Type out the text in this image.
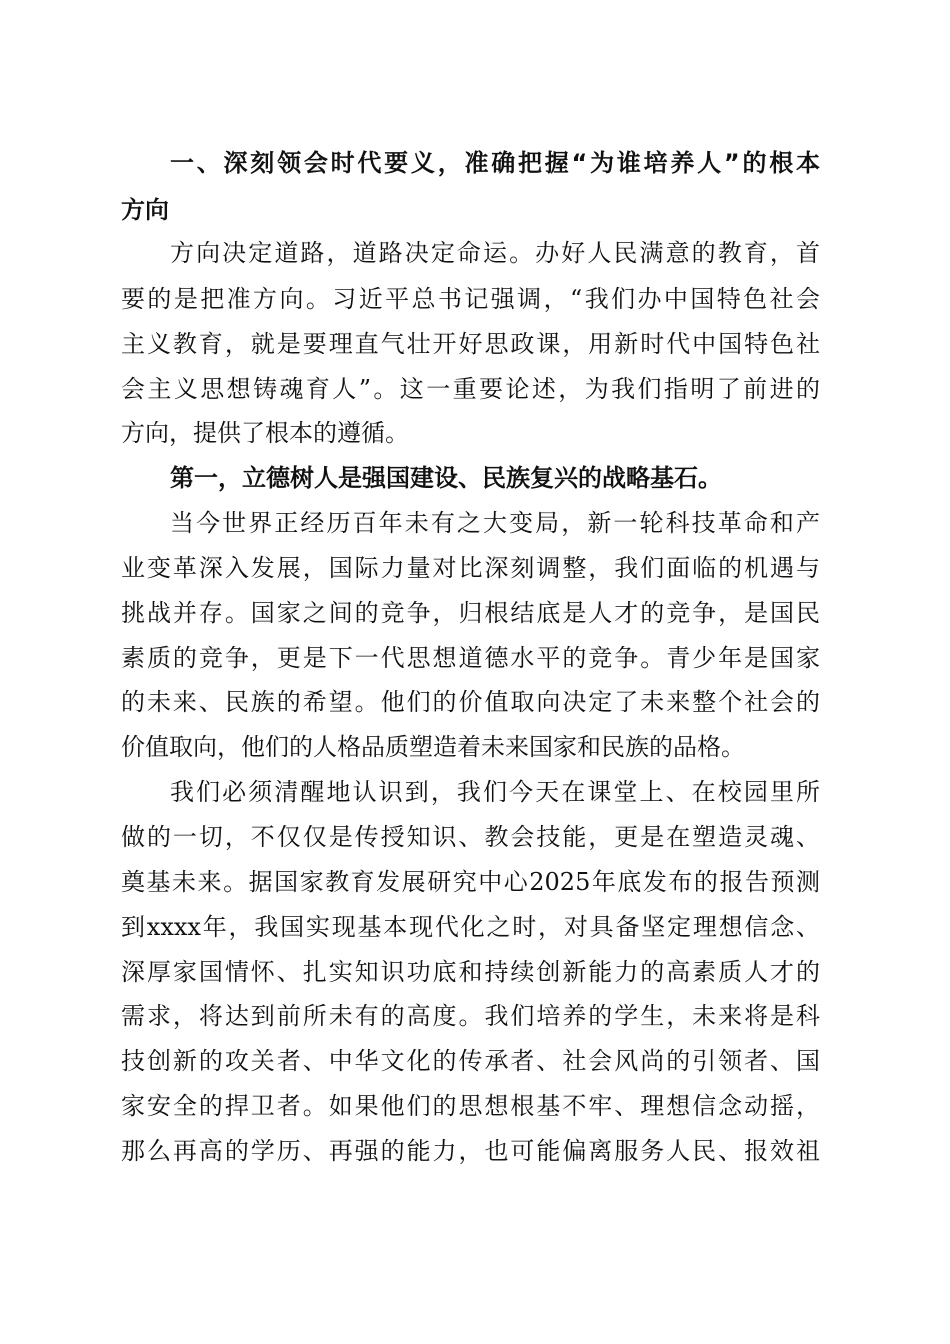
一、深刻领会时代要义，准确把握“为谁培养人”的根本

方向

方向决定道路，道路决定命运。办好人民满意的教育，首

要的是把准方向。习近平总书记强调，“我们办中国特色社会

主义教育，就是要理直气壮开好思政课，用新时代中国特色社

会主义思想铸魂育人”。这一重要论述，为我们指明了前进的

方向，提供了根本的遵循。

第一，立德树人是强国建设、民族复兴的战略基石。

当今世界正经历百年未有之大变局，新一轮科技革命和产

业变革深入发展，国际力量对比深刻调整，我们面临的机遇与

挑战并存。国家之间的竞争，归根结底是人才的竞争，是国民

素质的竞争，更是下一代思想道德水平的竞争。青少年是国家

的未来、民族的希望。他们的价值取向决定了未来整个社会的

价值取向，他们的人格品质塑造着未来国家和民族的品格。

我们必须清醒地认识到，我们今天在课堂上、在校园里所

做的一切，不仅仅是传授知识、教会技能，更是在塑造灵魂、

奠基未来。据国家教育发展研究中心2025年底发布的报告预测

到xxxx年，我国实现基本现代化之时，对具备坚定理想信念、

深厚家国情怀、扎实知识功底和持续创新能力的高素质人才的

需求，将达到前所未有的高度。我们培养的学生，未来将是科

技创新的攻关者、中华文化的传承者、社会风尚的引领者、国

家安全的捍卫者。如果他们的思想根基不牢、理想信念动摇，

那么再高的学历、再强的能力，也可能偏离服务人民、报效祖
